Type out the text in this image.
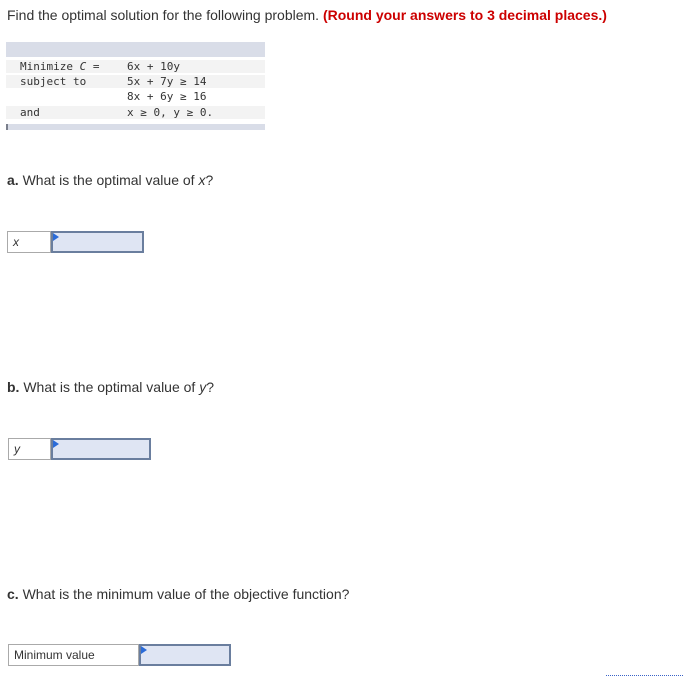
Find the optimal solution for the following problem. (Round your answers to 3 decimal places.)
Minimize C =	6x + 10y
subject to	5x + 7y ≥ 14
8x + 6y ≥ 16
and	x ≥ 0, y ≥ 0.
a. What is the optimal value of x?
x
b. What is the optimal value of y?
y
c. What is the minimum value of the objective function?
Minimum value
